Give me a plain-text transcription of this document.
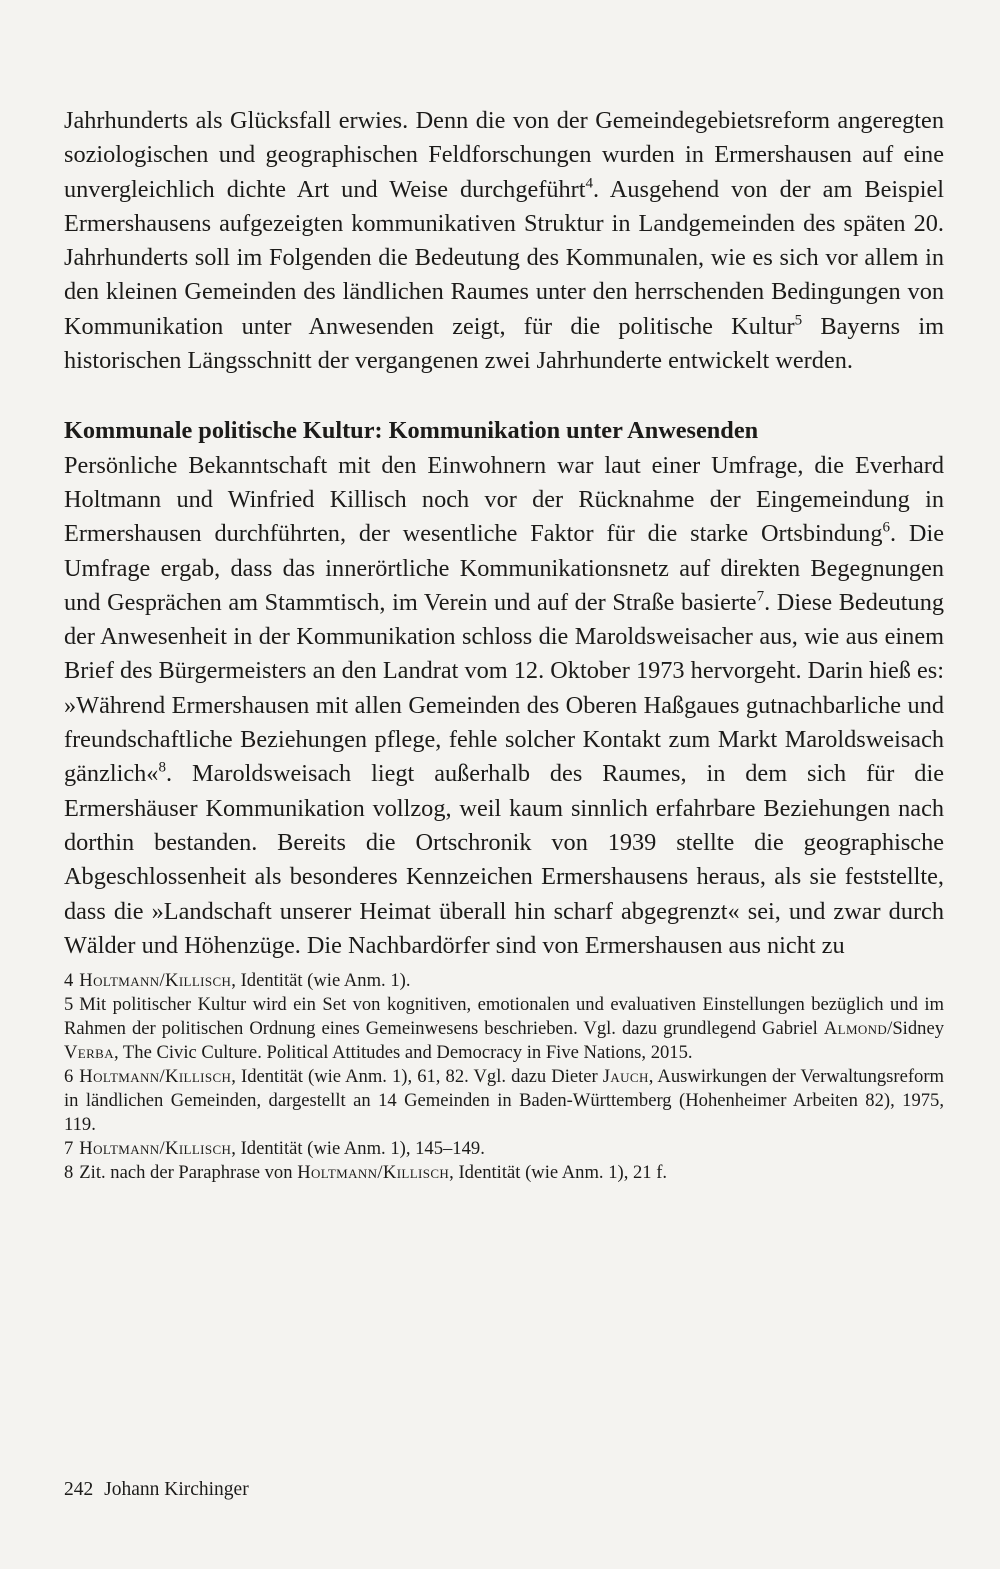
Jahrhunderts als Glücksfall erwies. Denn die von der Gemeindegebietsreform angeregten soziologischen und geographischen Feldforschungen wurden in Ermershausen auf eine unvergleichlich dichte Art und Weise durchgeführt$^4$. Ausgehend von der am Beispiel Ermershausens aufgezeigten kommunikativen Struktur in Landgemeinden des späten 20. Jahrhunderts soll im Folgenden die Bedeutung des Kommunalen, wie es sich vor allem in den kleinen Gemeinden des ländlichen Raumes unter den herrschenden Bedingungen von Kommunikation unter Anwesenden zeigt, für die politische Kultur$^5$ Bayerns im historischen Längsschnitt der vergangenen zwei Jahrhunderte entwickelt werden.

Kommunale politische Kultur: Kommunikation unter Anwesenden

Persönliche Bekanntschaft mit den Einwohnern war laut einer Umfrage, die Everhard Holtmann und Winfried Killisch noch vor der Rücknahme der Eingemeindung in Ermershausen durchführten, der wesentliche Faktor für die starke Ortsbindung$^6$. Die Umfrage ergab, dass das innerörtliche Kommunikationsnetz auf direkten Begegnungen und Gesprächen am Stammtisch, im Verein und auf der Straße basierte$^7$. Diese Bedeutung der Anwesenheit in der Kommunikation schloss die Maroldsweisacher aus, wie aus einem Brief des Bürgermeisters an den Landrat vom 12. Oktober 1973 hervorgeht. Darin hieß es: »Während Ermershausen mit allen Gemeinden des Oberen Haßgaues gutnachbarliche und freundschaftliche Beziehungen pflege, fehle solcher Kontakt zum Markt Maroldsweisach gänzlich«$^8$. Maroldsweisach liegt außerhalb des Raumes, in dem sich für die Ermershäuser Kommunikation vollzog, weil kaum sinnlich erfahrbare Beziehungen nach dorthin bestanden. Bereits die Ortschronik von 1939 stellte die geographische Abgeschlossenheit als besonderes Kennzeichen Ermershausens heraus, als sie feststellte, dass die »Landschaft unserer Heimat überall hin scharf abgegrenzt« sei, und zwar durch Wälder und Höhenzüge. Die Nachbardörfer sind von Ermershausen aus nicht zu

4 Holtmann/Killisch, Identität (wie Anm. 1).

5 Mit politischer Kultur wird ein Set von kognitiven, emotionalen und evaluativen Einstellungen bezüglich und im Rahmen der politischen Ordnung eines Gemeinwesens beschrieben. Vgl. dazu grundlegend Gabriel Almond/Sidney Verba, The Civic Culture. Political Attitudes and Democracy in Five Nations, 2015.

6 Holtmann/Killisch, Identität (wie Anm. 1), 61, 82. Vgl. dazu Dieter Jauch, Auswirkungen der Verwaltungsreform in ländlichen Gemeinden, dargestellt an 14 Gemeinden in Baden-Württemberg (Hohenheimer Arbeiten 82), 1975, 119.

7 Holtmann/Killisch, Identität (wie Anm. 1), 145–149.

8 Zit. nach der Paraphrase von Holtmann/Killisch, Identität (wie Anm. 1), 21 f.

242 Johann Kirchinger
